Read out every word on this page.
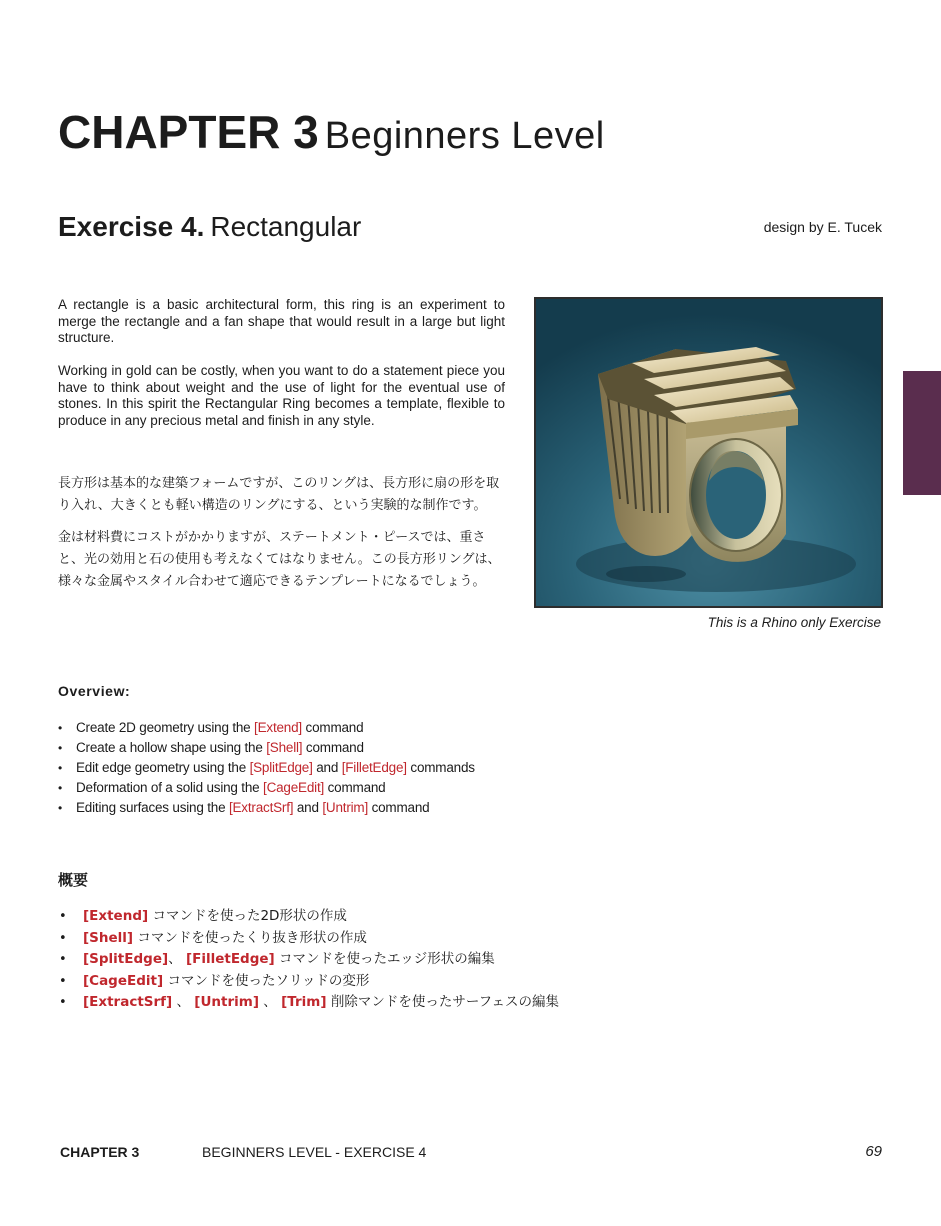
CHAPTER 3 Beginners Level
Exercise 4. Rectangular	design by E. Tucek
A rectangle is a basic architectural form, this ring is an experiment to merge the rectangle and a fan shape that would result in a large but light structure.
Working in gold can be costly, when you want to do a statement piece you have to think about weight and the use of light for the eventual use of stones. In this spirit the Rectangular Ring becomes a template, flexible to produce in any precious metal and finish in any style.
長方形は基本的な建築フォームですが、このリングは、長方形に扇の形を取り入れ、大きくとも軽い構造のリングにする、という実験的な制作です。
金は材料費にコストがかかりますが、ステートメント・ピースでは、重さと、光の効用と石の使用も考えなくてはなりません。この長方形リングは、様々な金属やスタイル合わせて適応できるテンプレートになるでしょう。
This is a Rhino only Exercise
Overview:
• Create 2D geometry using the [Extend] command
• Create a hollow shape using the [Shell] command
• Edit edge geometry using the [SplitEdge] and [FilletEdge] commands
• Deformation of a solid using the [CageEdit] command
• Editing surfaces using the [ExtractSrf] and [Untrim] command
概要
• [Extend] コマンドを使った2D形状の作成
• [Shell] コマンドを使ったくり抜き形状の作成
• [SplitEdge]、 [FilletEdge] コマンドを使ったエッジ形状の編集
• [CageEdit] コマンドを使ったソリッドの変形
• [ExtractSrf] 、 [Untrim] 、 [Trim] 削除マンドを使ったサーフェスの編集
CHAPTER 3	BEGINNERS LEVEL - EXERCISE 4	69
